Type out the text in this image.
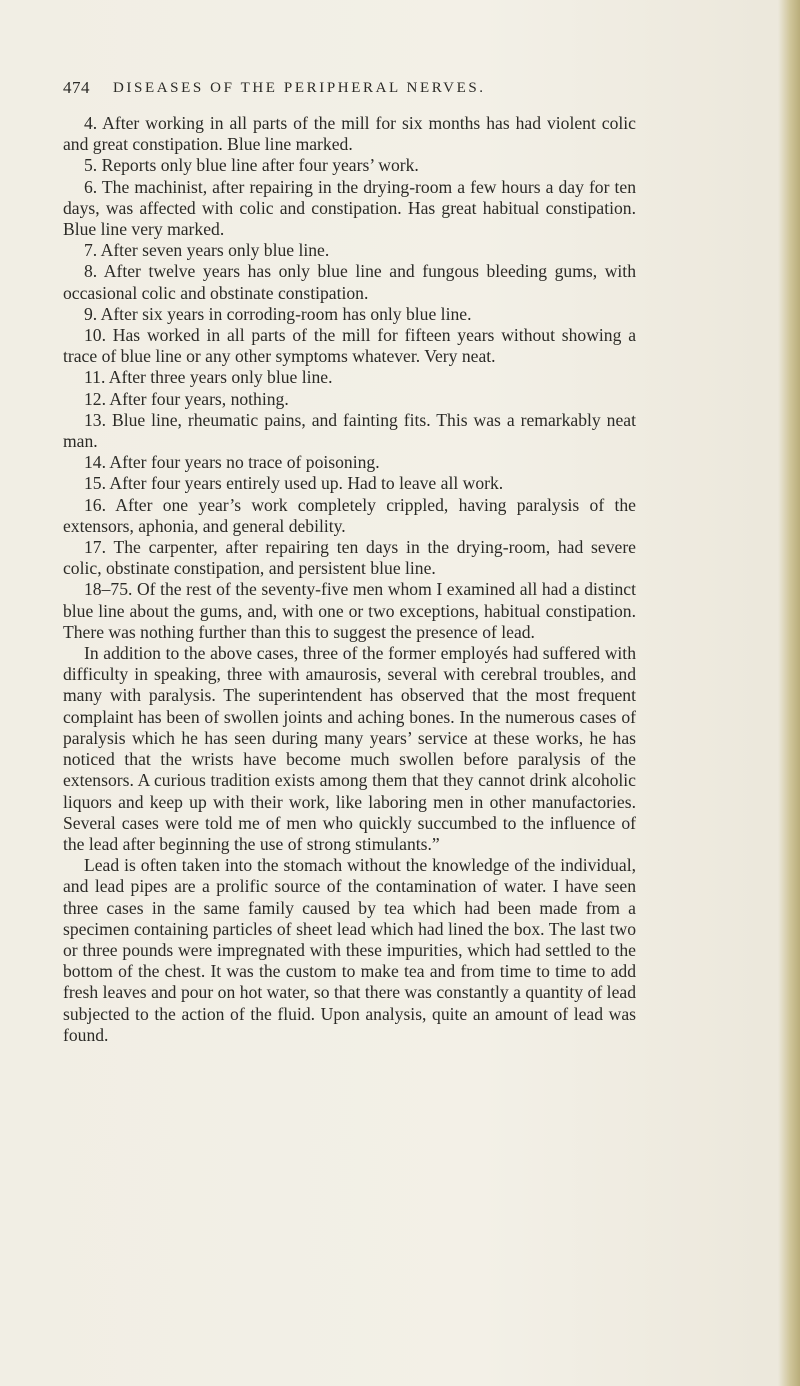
474 DISEASES OF THE PERIPHERAL NERVES.

4. After working in all parts of the mill for six months has had violent colic and great constipation. Blue line marked.

5. Reports only blue line after four years’ work.

6. The machinist, after repairing in the drying-room a few hours a day for ten days, was affected with colic and constipation. Has great habitual constipation. Blue line very marked.

7. After seven years only blue line.

8. After twelve years has only blue line and fungous bleeding gums, with occasional colic and obstinate constipation.

9. After six years in corroding-room has only blue line.

10. Has worked in all parts of the mill for fifteen years without showing a trace of blue line or any other symptoms whatever. Very neat.

11. After three years only blue line.

12. After four years, nothing.

13. Blue line, rheumatic pains, and fainting fits. This was a remarkably neat man.

14. After four years no trace of poisoning.

15. After four years entirely used up. Had to leave all work.

16. After one year’s work completely crippled, having paralysis of the extensors, aphonia, and general debility.

17. The carpenter, after repairing ten days in the drying-room, had severe colic, obstinate constipation, and persistent blue line.

18–75. Of the rest of the seventy-five men whom I examined all had a distinct blue line about the gums, and, with one or two exceptions, habitual constipation. There was nothing further than this to suggest the presence of lead.

In addition to the above cases, three of the former employés had suffered with difficulty in speaking, three with amaurosis, several with cerebral troubles, and many with paralysis. The superintendent has observed that the most frequent complaint has been of swollen joints and aching bones. In the numerous cases of paralysis which he has seen during many years’ service at these works, he has noticed that the wrists have become much swollen before paralysis of the extensors. A curious tradition exists among them that they cannot drink alcoholic liquors and keep up with their work, like laboring men in other manufactories. Several cases were told me of men who quickly succumbed to the influence of the lead after beginning the use of strong stimulants.”

Lead is often taken into the stomach without the knowledge of the individual, and lead pipes are a prolific source of the contamination of water. I have seen three cases in the same family caused by tea which had been made from a specimen containing particles of sheet lead which had lined the box. The last two or three pounds were impregnated with these impurities, which had settled to the bottom of the chest. It was the custom to make tea and from time to time to add fresh leaves and pour on hot water, so that there was constantly a quantity of lead subjected to the action of the fluid. Upon analysis, quite an amount of lead was found.
